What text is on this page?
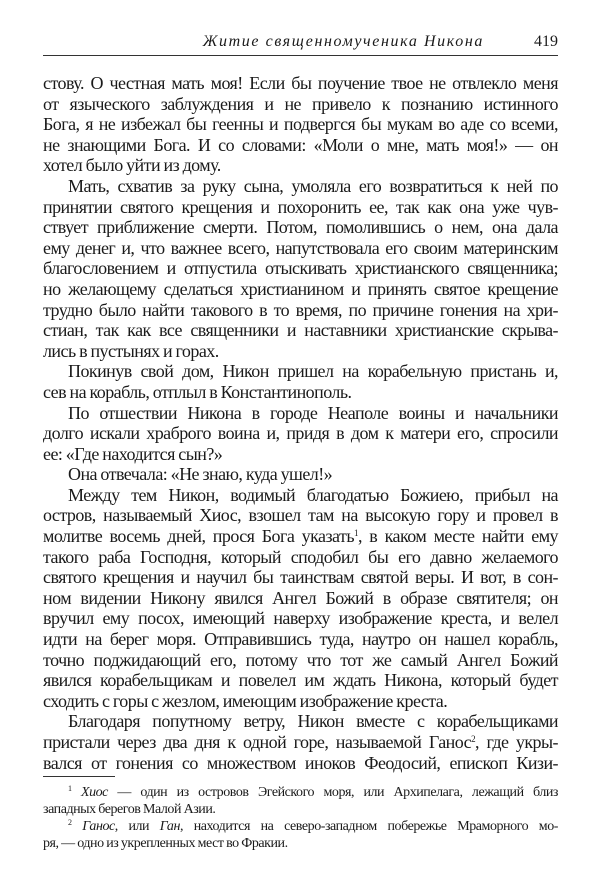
Житие священномученика Никона	419
стову. О честная мать моя! Если бы поучение твое не отвлекло меня
от языческого заблуждения и не привело к познанию истинного
Бога, я не избежал бы геенны и подвергся бы мукам во аде со всеми,
не знающими Бога. И со словами: «Моли о мне, мать моя!» — он
хотел было уйти из дому.
Мать, схватив за руку сына, умоляла его возвратиться к ней по
принятии святого крещения и похоронить ее, так как она уже чув-
ствует приближение смерти. Потом, помолившись о нем, она дала
ему денег и, что важнее всего, напутствовала его своим материнским
благословением и отпустила отыскивать христианского священника;
но желающему сделаться христианином и принять святое крещение
трудно было найти такового в то время, по причине гонения на хри-
стиан, так как все священники и наставники христианские скрыва-
лись в пустынях и горах.
Покинув свой дом, Никон пришел на корабельную пристань и,
сев на корабль, отплыл в Константинополь.
По отшествии Никона в городе Неаполе воины и начальники
долго искали храброго воина и, придя в дом к матери его, спросили
ее: «Где находится сын?»
Она отвечала: «Не знаю, куда ушел!»
Между тем Никон, водимый благодатью Божиею, прибыл на
остров, называемый Хиос, взошел там на высокую гору и провел в
молитве восемь дней, прося Бога указать$^1$, в каком месте найти ему
такого раба Господня, который сподобил бы его давно желаемого
святого крещения и научил бы таинствам святой веры. И вот, в сон-
ном видении Никону явился Ангел Божий в образе святителя; он
вручил ему посох, имеющий наверху изображение креста, и велел
идти на берег моря. Отправившись туда, наутро он нашел корабль,
точно поджидающий его, потому что тот же самый Ангел Божий
явился корабельщикам и повелел им ждать Никона, который будет
сходить с горы с жезлом, имеющим изображение креста.
Благодаря попутному ветру, Никон вместе с корабельщиками
пристали через два дня к одной горе, называемой Ганос$^2$, где укры-
вался от гонения со множеством иноков Феодосий, епископ Кизи-
$^1$ Хиос — один из островов Эгейского моря, или Архипелага, лежащий близ
западных берегов Малой Азии.
$^2$ Ганос, или Ган, находится на северо-западном побережье Мраморного мо-
ря, — одно из укрепленных мест во Фракии.
